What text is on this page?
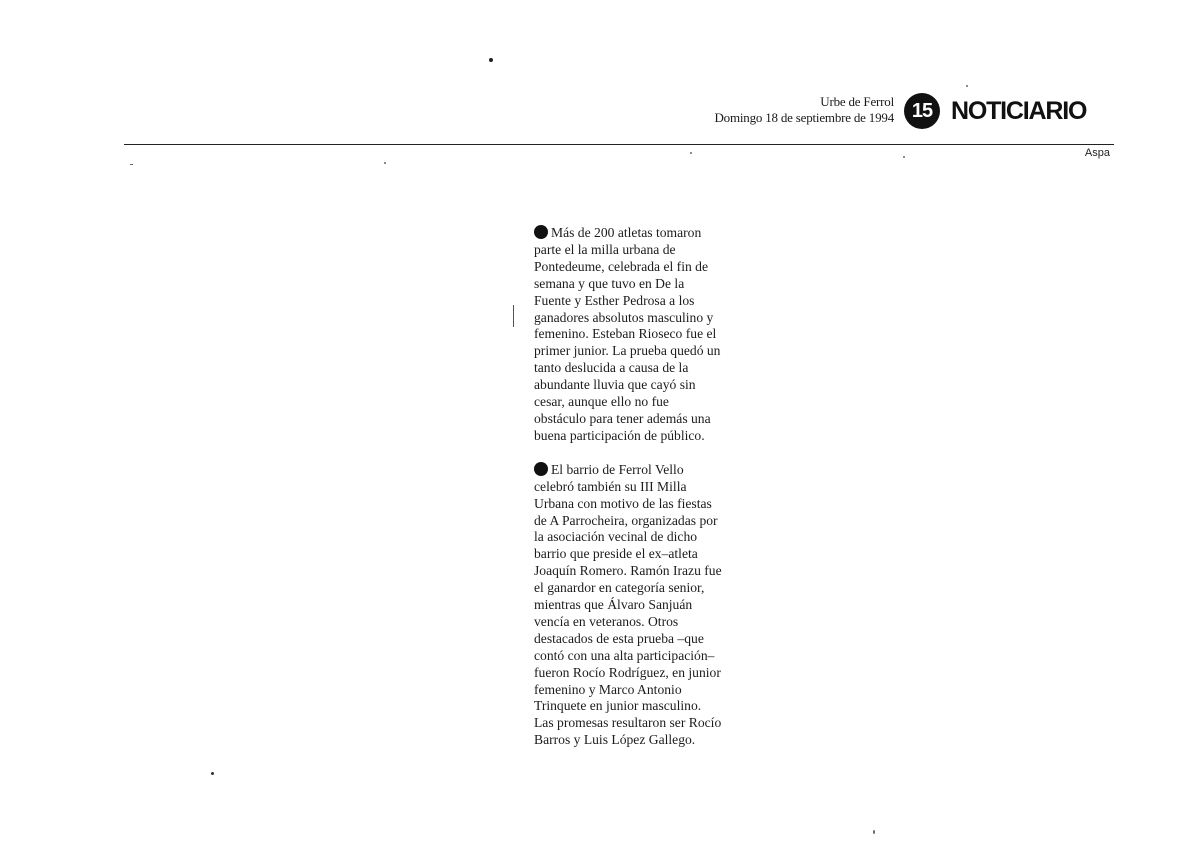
Urbe de Ferrol
Domingo 18 de septiembre de 1994 15 NOTICIARIO
Aspa

Más de 200 atletas tomaron parte el la milla urbana de Pontedeume, celebrada el fin de semana y que tuvo en De la Fuente y Esther Pedrosa a los ganadores absolutos masculino y femenino. Esteban Rioseco fue el primer junior. La prueba quedó un tanto deslucida a causa de la abundante lluvia que cayó sin cesar, aunque ello no fue obstáculo para tener además una buena participación de público.

El barrio de Ferrol Vello celebró también su III Milla Urbana con motivo de las fiestas de A Parrocheira, organizadas por la asociación vecinal de dicho barrio que preside el ex–atleta Joaquín Romero. Ramón Irazu fue el ganardor en categoría senior, mientras que Álvaro Sanjuán vencía en veteranos. Otros destacados de esta prueba –que contó con una alta participación– fueron Rocío Rodríguez, en junior femenino y Marco Antonio Trinquete en junior masculino. Las promesas resultaron ser Rocío Barros y Luis López Gallego.
